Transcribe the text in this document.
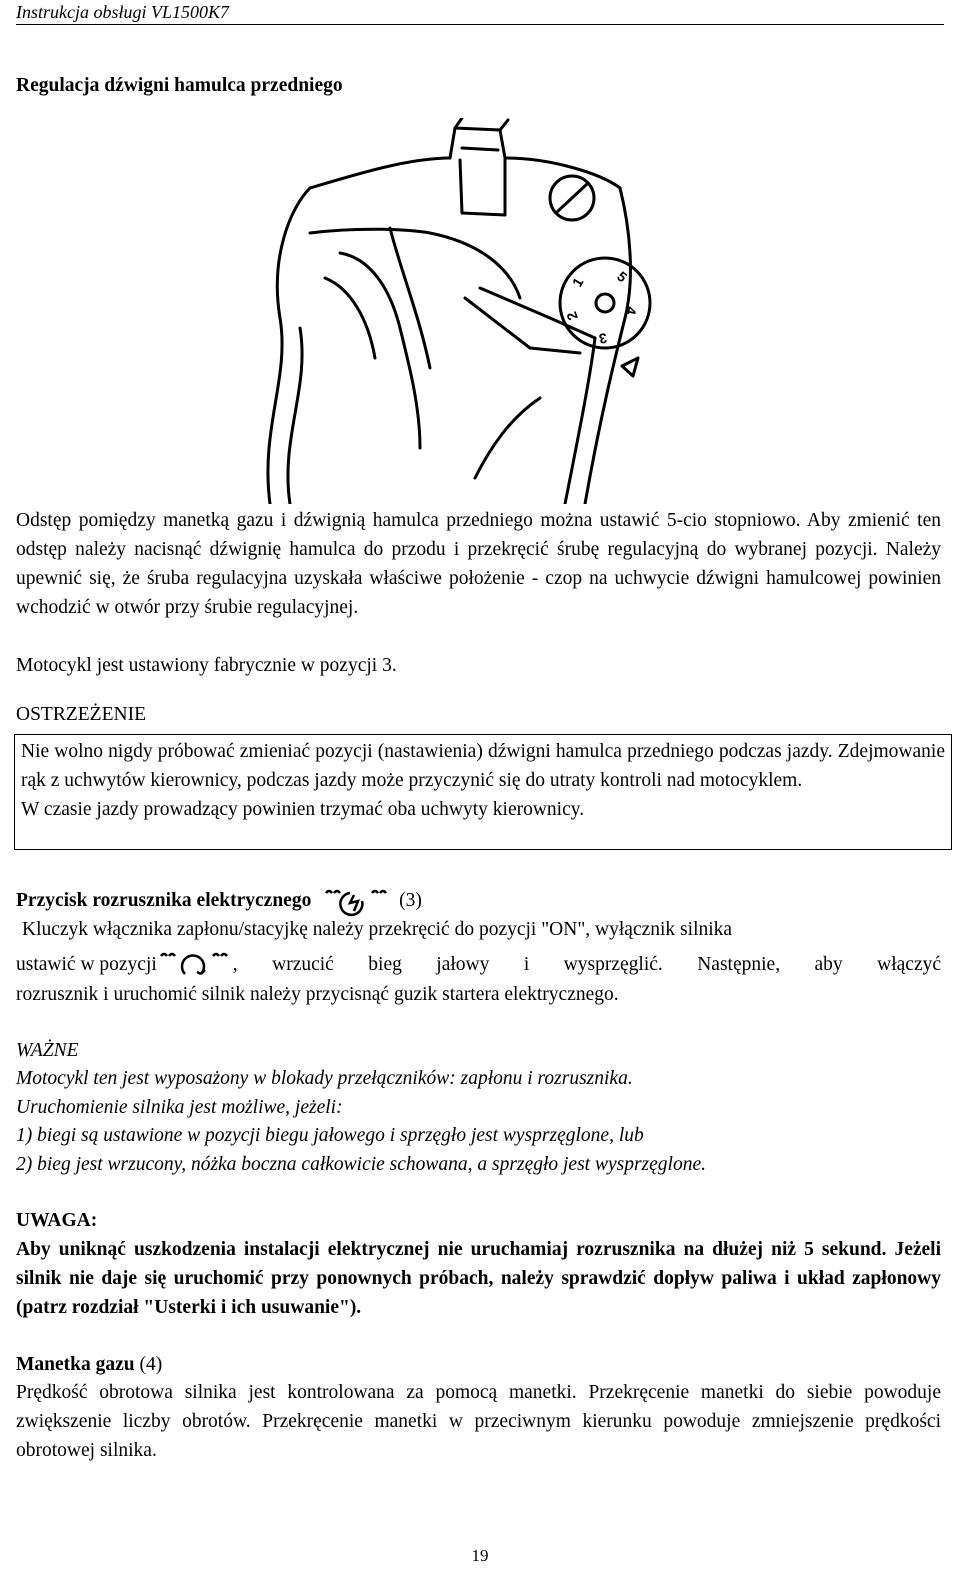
Instrukcja obsługi VL1500K7
Regulacja dźwigni hamulca przedniego
1
2
3
4
5
Odstęp pomiędzy manetką gazu i dźwignią hamulca przedniego można ustawić 5-cio stopniowo. Aby zmienić ten odstęp należy nacisnąć dźwignię hamulca do przodu i przekręcić śrubę regulacyjną do wybranej pozycji. Należy upewnić się, że śruba regulacyjna uzyskała właściwe położenie - czop na uchwycie dźwigni hamulcowej powinien wchodzić w otwór przy śrubie regulacyjnej.
Motocykl jest ustawiony fabrycznie w pozycji 3.
OSTRZEŻENIE
Nie wolno nigdy próbować zmieniać pozycji (nastawienia) dźwigni hamulca przedniego podczas jazdy. Zdejmowanie rąk z uchwytów kierownicy, podczas jazdy może przyczynić się do utraty kontroli nad motocyklem.
W czasie jazdy prowadzący powinien trzymać oba uchwyty kierownicy.
Przycisk rozrusznika elektrycznego	(3)
Kluczyk włącznika zapłonu/stacyjkę należy przekręcić do pozycji "ON", wyłącznik silnika
ustawić w pozycji	, wrzucić bieg jałowy i wysprzęglić. Następnie, aby włączyć
rozrusznik i uruchomić silnik należy przycisnąć guzik startera elektrycznego.
WAŻNE
Motocykl ten jest wyposażony w blokady przełączników: zapłonu i rozrusznika.
Uruchomienie silnika jest możliwe, jeżeli:
1) biegi są ustawione w pozycji biegu jałowego i sprzęgło jest wysprzęglone, lub
2) bieg jest wrzucony, nóżka boczna całkowicie schowana, a sprzęgło jest wysprzęglone.
UWAGA:
Aby uniknąć uszkodzenia instalacji elektrycznej nie uruchamiaj rozrusznika na dłużej niż 5 sekund. Jeżeli silnik nie daje się uruchomić przy ponownych próbach, należy sprawdzić dopływ paliwa i układ zapłonowy (patrz rozdział "Usterki i ich usuwanie").
Manetka gazu (4)
Prędkość obrotowa silnika jest kontrolowana za pomocą manetki. Przekręcenie manetki do siebie powoduje zwiększenie liczby obrotów. Przekręcenie manetki w przeciwnym kierunku powoduje zmniejszenie prędkości obrotowej silnika.
19
